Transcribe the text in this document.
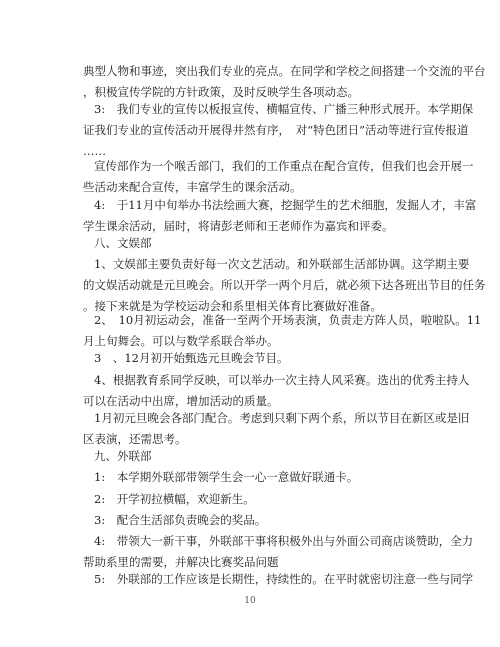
典型人物和事迹，突出我们专业的亮点。在同学和学校之间搭建一个交流的平台
，积极宣传学院的方针政策，及时反映学生各项动态。
3:　我们专业的宣传以板报宣传、横幅宣传、广播三种形式展开。本学期保
证我们专业的宣传活动开展得井然有序，　对“特色团日”活动等进行宣传报道
……
宣传部作为一个喉舌部门，我们的工作重点在配合宣传，但我们也会开展一
些活动来配合宣传，丰富学生的课余活动。
4:　于11月中旬举办书法绘画大赛，挖掘学生的艺术细胞，发掘人才，丰富
学生课余活动，届时，将请彭老师和王老师作为嘉宾和评委。
八、文娱部
1、文娱部主要负责好每一次文艺活动。和外联部生活部协调。这学期主要
的文娱活动就是元旦晚会。所以开学一两个月后，就必须下达各班出节目的任务
。接下来就是为学校运动会和系里相关体育比赛做好准备。
2、　10月初运动会，准备一至两个开场表演，负责走方阵人员，啦啦队。11
月上旬舞会。可以与数学系联合举办。
3　、12月初开始甄选元旦晚会节目。
4、根据教育系同学反映，可以举办一次主持人风采赛。选出的优秀主持人
可以在活动中出席，增加活动的质量。
1月初元旦晚会各部门配合。考虑到只剩下两个系，所以节目在新区或是旧
区表演，还需思考。
九、外联部
1:　本学期外联部带领学生会一心一意做好联通卡。
2:　开学初拉横幅，欢迎新生。
3:　配合生活部负责晚会的奖品。
4:　带领大一新干事，外联部干事将积极外出与外面公司商店谈赞助，全力
帮助系里的需要，并解决比赛奖品问题
5:　外联部的工作应该是长期性，持续性的。在平时就密切注意一些与同学
10
